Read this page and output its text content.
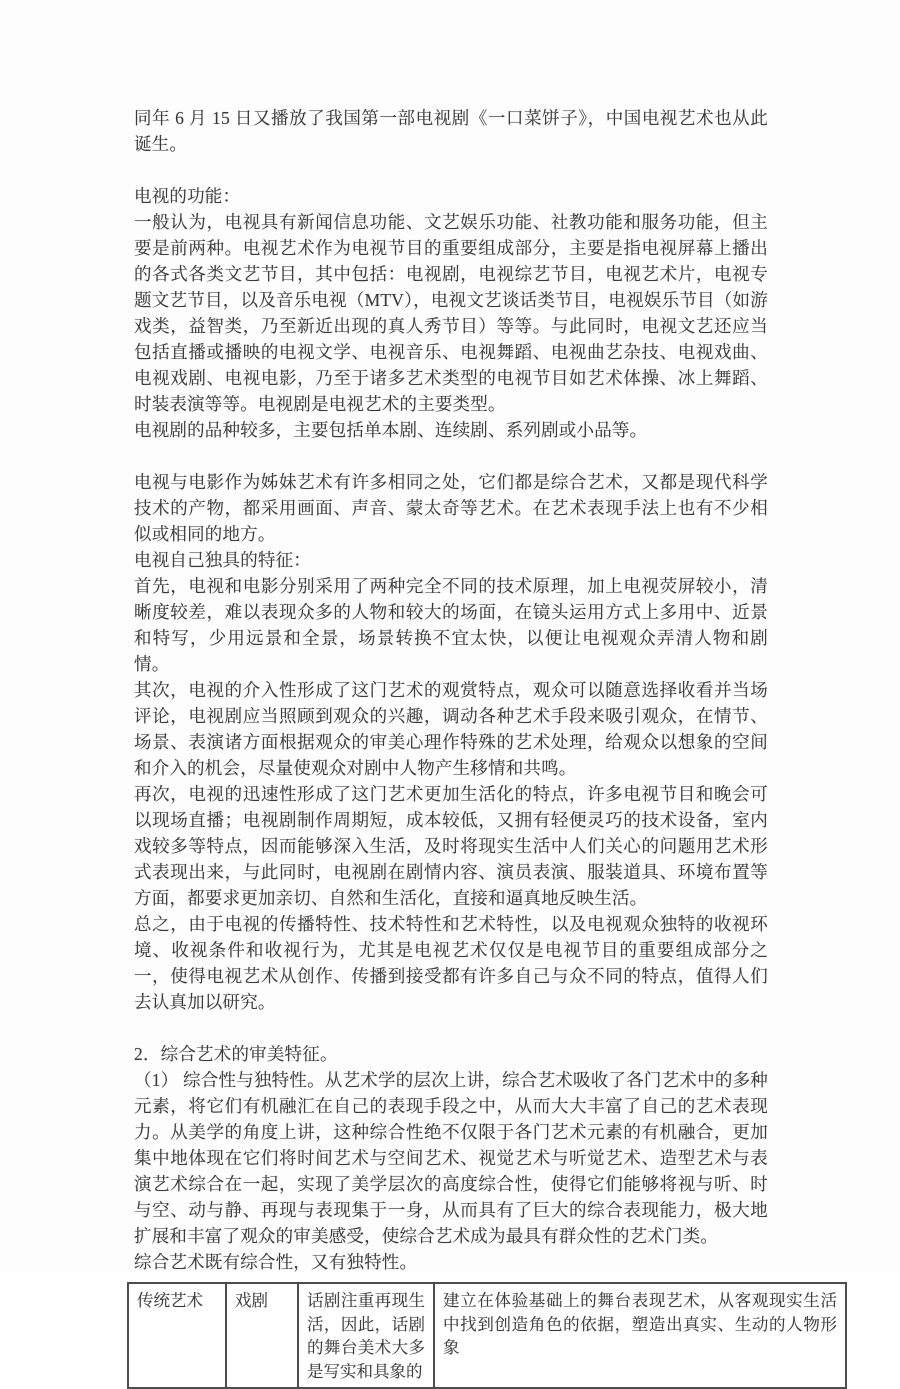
同年 6 月 15 日又播放了我国第一部电视剧《一口菜饼子》，中国电视艺术也从此诞生。

电视的功能：

一般认为，电视具有新闻信息功能、文艺娱乐功能、社教功能和服务功能，但主要是前两种。电视艺术作为电视节目的重要组成部分，主要是指电视屏幕上播出的各式各类文艺节目，其中包括：电视剧，电视综艺节目，电视艺术片，电视专题文艺节目，以及音乐电视（MTV），电视文艺谈话类节目，电视娱乐节目（如游戏类，益智类，乃至新近出现的真人秀节目）等等。与此同时，电视文艺还应当包括直播或播映的电视文学、电视音乐、电视舞蹈、电视曲艺杂技、电视戏曲、电视戏剧、电视电影，乃至于诸多艺术类型的电视节目如艺术体操、冰上舞蹈、时装表演等等。电视剧是电视艺术的主要类型。

电视剧的品种较多，主要包括单本剧、连续剧、系列剧或小品等。

电视与电影作为姊妹艺术有许多相同之处，它们都是综合艺术，又都是现代科学技术的产物，都采用画面、声音、蒙太奇等艺术。在艺术表现手法上也有不少相似或相同的地方。

电视自己独具的特征：

首先，电视和电影分别采用了两种完全不同的技术原理，加上电视荧屏较小，清晰度较差，难以表现众多的人物和较大的场面，在镜头运用方式上多用中、近景和特写，少用远景和全景，场景转换不宜太快，以便让电视观众弄清人物和剧情。

其次，电视的介入性形成了这门艺术的观赏特点，观众可以随意选择收看并当场评论，电视剧应当照顾到观众的兴趣，调动各种艺术手段来吸引观众，在情节、场景、表演诸方面根据观众的审美心理作特殊的艺术处理，给观众以想象的空间和介入的机会，尽量使观众对剧中人物产生移情和共鸣。

再次，电视的迅速性形成了这门艺术更加生活化的特点，许多电视节目和晚会可以现场直播；电视剧制作周期短，成本较低，又拥有轻便灵巧的技术设备，室内戏较多等特点，因而能够深入生活，及时将现实生活中人们关心的问题用艺术形式表现出来，与此同时，电视剧在剧情内容、演员表演、服装道具、环境布置等方面，都要求更加亲切、自然和生活化，直接和逼真地反映生活。

总之，由于电视的传播特性、技术特性和艺术特性，以及电视观众独特的收视环境、收视条件和收视行为，尤其是电视艺术仅仅是电视节目的重要组成部分之一，使得电视艺术从创作、传播到接受都有许多自己与众不同的特点，值得人们去认真加以研究。

2．综合艺术的审美特征。

（1） 综合性与独特性。从艺术学的层次上讲，综合艺术吸收了各门艺术中的多种元素，将它们有机融汇在自己的表现手段之中，从而大大丰富了自己的艺术表现力。从美学的角度上讲，这种综合性绝不仅限于各门艺术元素的有机融合，更加集中地体现在它们将时间艺术与空间艺术、视觉艺术与听觉艺术、造型艺术与表演艺术综合在一起，实现了美学层次的高度综合性，使得它们能够将视与听、时与空、动与静、再现与表现集于一身，从而具有了巨大的综合表现能力，极大地扩展和丰富了观众的审美感受，使综合艺术成为最具有群众性的艺术门类。

综合艺术既有综合性，又有独特性。

传统艺术	戏剧	话剧注重再现生活，因此，话剧的舞台美术大多是写实和具象的	建立在体验基础上的舞台表现艺术，从客观现实生活中找到创造角色的依据，塑造出真实、生动的人物形象
